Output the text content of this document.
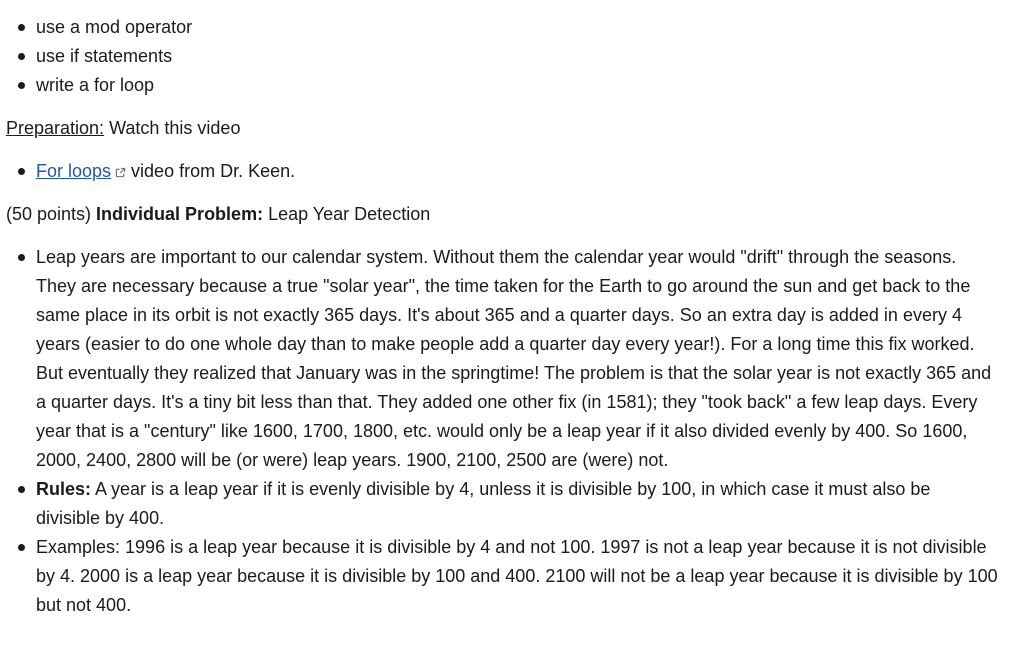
use a mod operator
use if statements
write a for loop

Preparation: Watch this video

For loops video from Dr. Keen.

(50 points) Individual Problem: Leap Year Detection

Leap years are important to our calendar system. Without them the calendar year would "drift" through the seasons. They are necessary because a true "solar year", the time taken for the Earth to go around the sun and get back to the same place in its orbit is not exactly 365 days. It's about 365 and a quarter days. So an extra day is added in every 4 years (easier to do one whole day than to make people add a quarter day every year!). For a long time this fix worked. But eventually they realized that January was in the springtime! The problem is that the solar year is not exactly 365 and a quarter days. It's a tiny bit less than that. They added one other fix (in 1581); they "took back" a few leap days. Every year that is a "century" like 1600, 1700, 1800, etc. would only be a leap year if it also divided evenly by 400. So 1600, 2000, 2400, 2800 will be (or were) leap years. 1900, 2100, 2500 are (were) not.
Rules: A year is a leap year if it is evenly divisible by 4, unless it is divisible by 100, in which case it must also be divisible by 400.
Examples: 1996 is a leap year because it is divisible by 4 and not 100. 1997 is not a leap year because it is not divisible by 4. 2000 is a leap year because it is divisible by 100 and 400. 2100 will not be a leap year because it is divisible by 100 but not 400.
